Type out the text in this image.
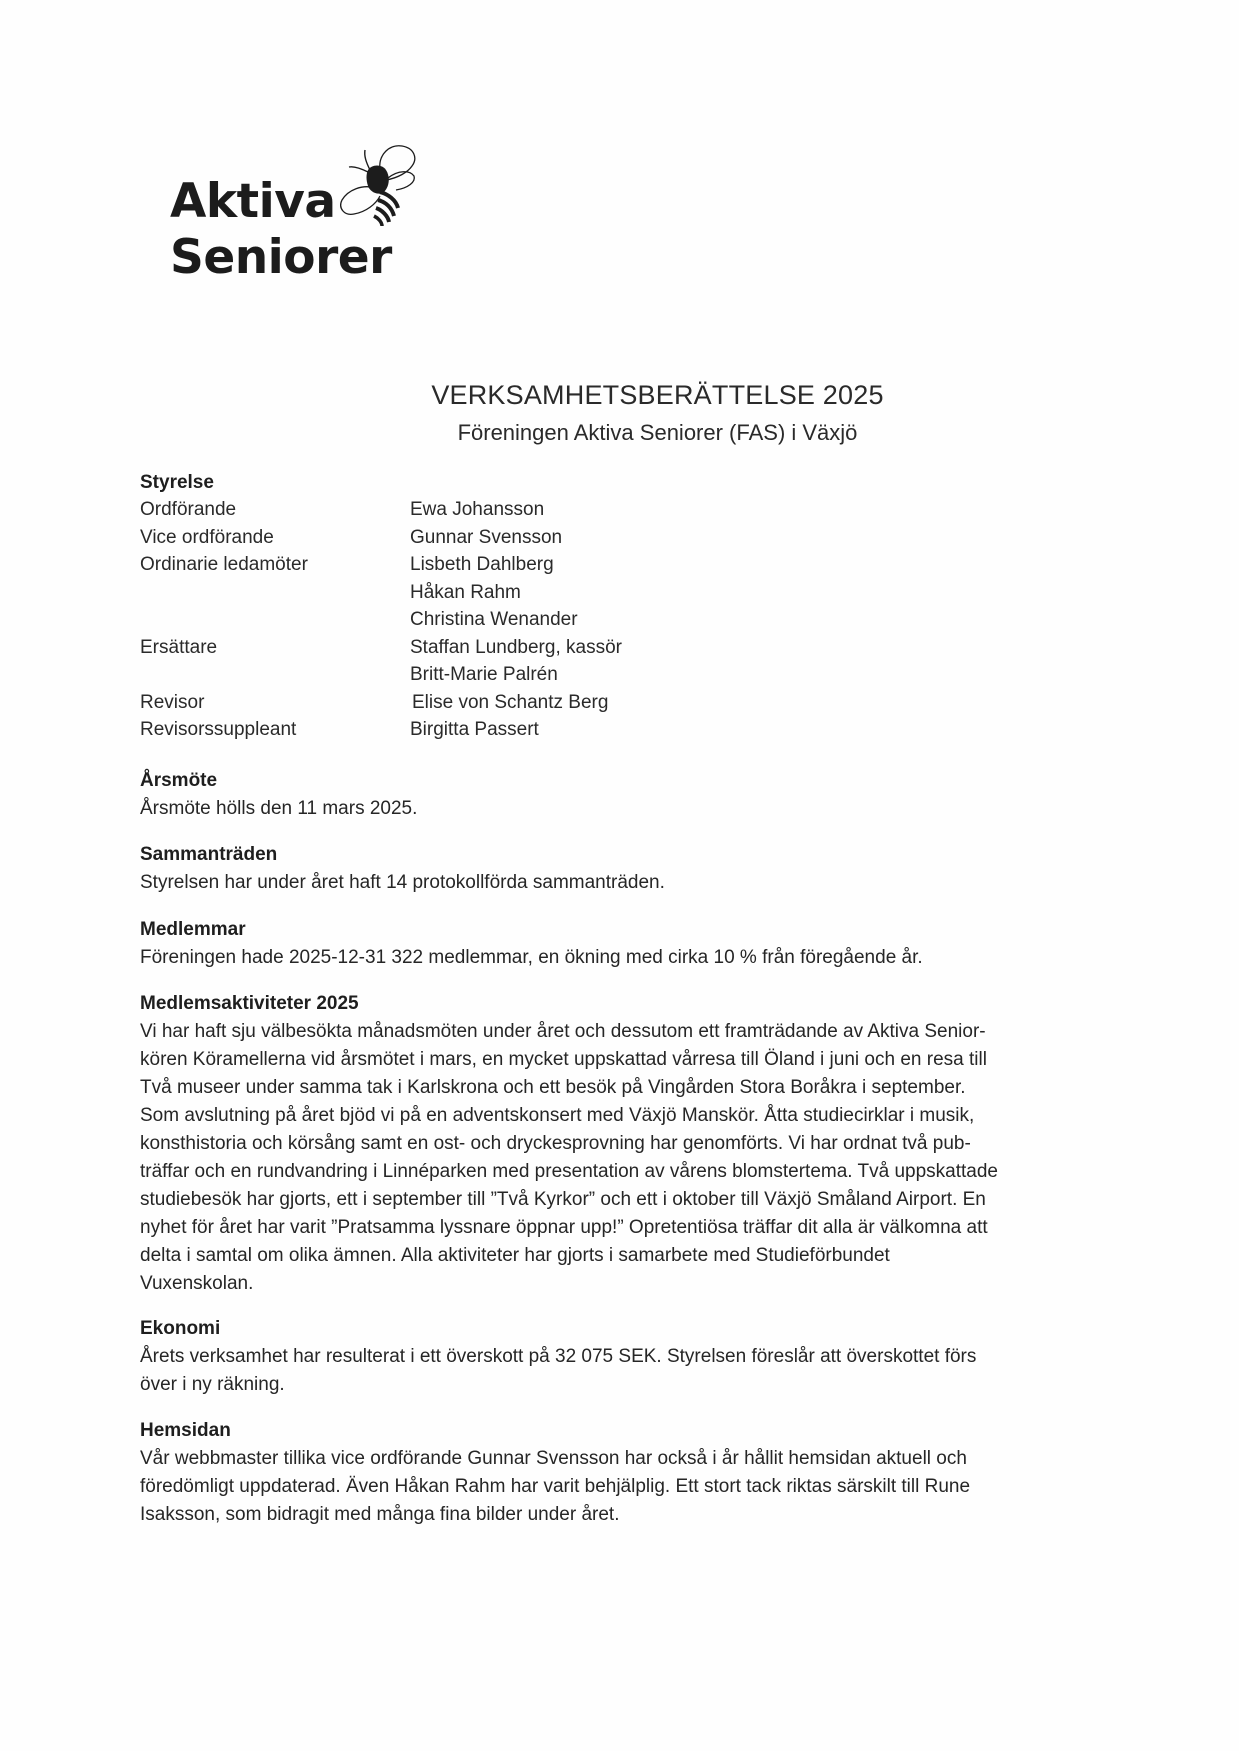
Aktiva
Seniorer
VERKSAMHETSBERÄTTELSE 2025
Föreningen Aktiva Seniorer (FAS) i Växjö
Styrelse
Ordförande	Ewa Johansson
Vice ordförande	Gunnar Svensson
Ordinarie ledamöter	Lisbeth Dahlberg
Håkan Rahm
Christina Wenander
Ersättare	Staffan Lundberg, kassör
Britt-Marie Palrén
Revisor	Elise von Schantz Berg
Revisorssuppleant	Birgitta Passert
Årsmöte
Årsmöte hölls den 11 mars 2025.
Sammanträden
Styrelsen har under året haft 14 protokollförda sammanträden.
Medlemmar
Föreningen hade 2025-12-31 322 medlemmar, en ökning med cirka 10 % från föregående år.
Medlemsaktiviteter 2025
Vi har haft sju välbesökta månadsmöten under året och dessutom ett framträdande av Aktiva Senior-
kören Köramellerna vid årsmötet i mars, en mycket uppskattad vårresa till Öland i juni och en resa till
Två museer under samma tak i Karlskrona och ett besök på Vingården Stora Boråkra i september.
Som avslutning på året bjöd vi på en adventskonsert med Växjö Manskör. Åtta studiecirklar i musik,
konsthistoria och körsång samt en ost- och dryckesprovning har genomförts. Vi har ordnat två pub-
träffar och en rundvandring i Linnéparken med presentation av vårens blomstertema. Två uppskattade
studiebesök har gjorts, ett i september till ”Två Kyrkor” och ett i oktober till Växjö Småland Airport. En
nyhet för året har varit ”Pratsamma lyssnare öppnar upp!” Opretentiösa träffar dit alla är välkomna att
delta i samtal om olika ämnen. Alla aktiviteter har gjorts i samarbete med Studieförbundet
Vuxenskolan.
Ekonomi
Årets verksamhet har resulterat i ett överskott på 32 075 SEK. Styrelsen föreslår att överskottet förs
över i ny räkning.
Hemsidan
Vår webbmaster tillika vice ordförande Gunnar Svensson har också i år hållit hemsidan aktuell och
föredömligt uppdaterad. Även Håkan Rahm har varit behjälplig. Ett stort tack riktas särskilt till Rune
Isaksson, som bidragit med många fina bilder under året.
